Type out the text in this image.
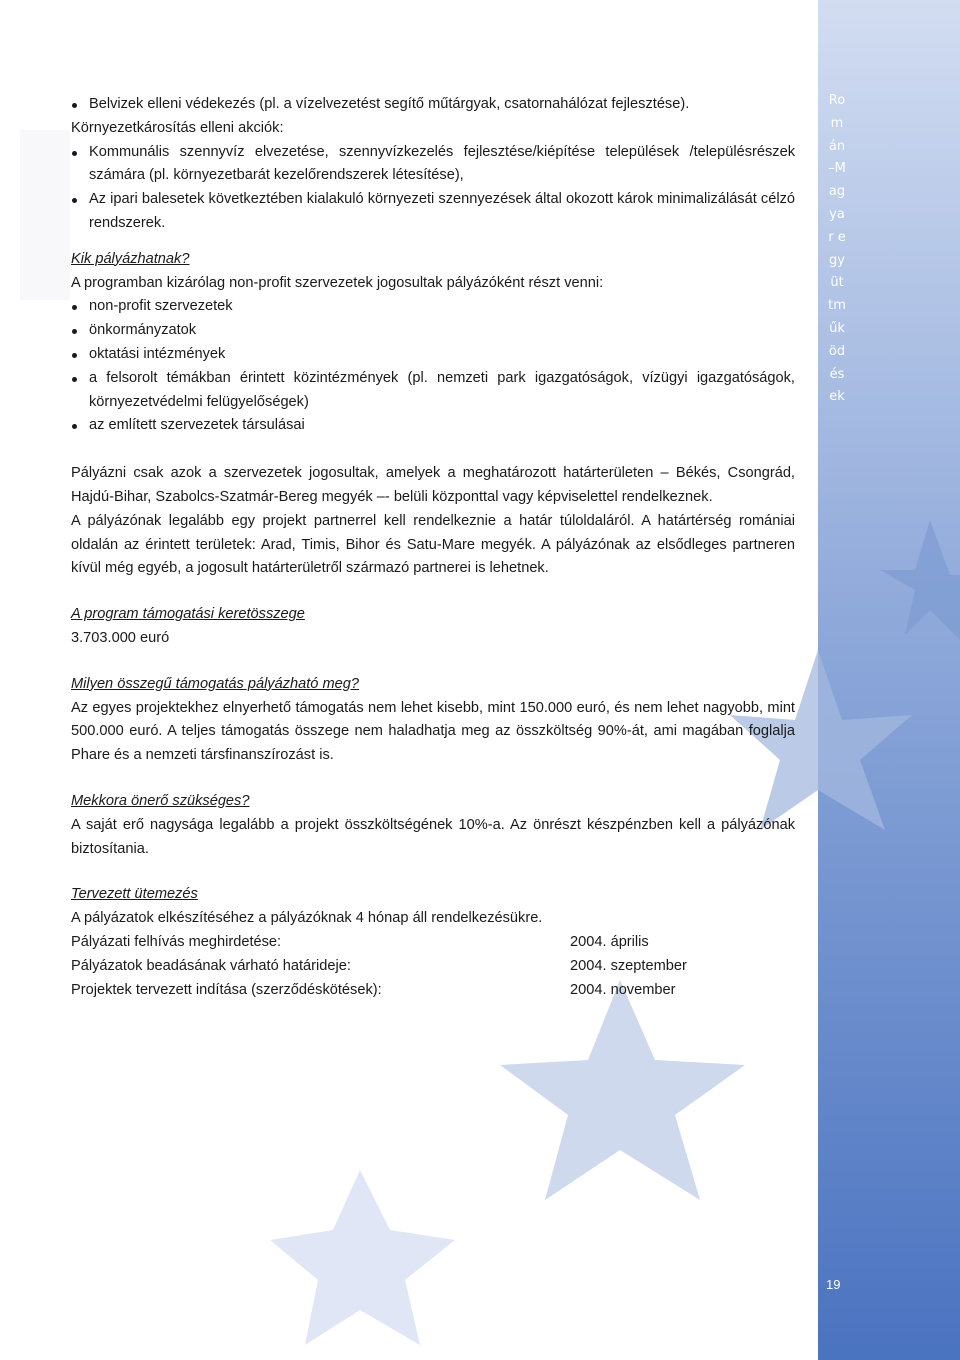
Román–Magyar együttműködések
19
Belvizek elleni védekezés (pl. a vízelvezetést segítő műtárgyak, csatornahálózat fejlesztése).

Környezetkárosítás elleni akciók:

Kommunális szennyvíz elvezetése, szennyvízkezelés fejlesztése/kiépítése települések /településrészek számára (pl. környezetbarát kezelőrendszerek létesítése),
Az ipari balesetek következtében kialakuló környezeti szennyezések által okozott károk minimalizálását célzó rendszerek.

Kik pályázhatnak?

A programban kizárólag non-profit szervezetek jogosultak pályázóként részt venni:

non-profit szervezetek
önkormányzatok
oktatási intézmények
a felsorolt témákban érintett közintézmények (pl. nemzeti park igazgatóságok, vízügyi igazgatóságok, környezetvédelmi felügyelőségek)
az említett szervezetek társulásai

Pályázni csak azok a szervezetek jogosultak, amelyek a meghatározott határterületen – Békés, Csongrád, Hajdú-Bihar, Szabolcs-Szatmár-Bereg megyék –- belüli központtal vagy képviselettel rendelkeznek.

A pályázónak legalább egy projekt partnerrel kell rendelkeznie a határ túloldaláról. A határtérség romániai oldalán az érintett területek: Arad, Timis, Bihor és Satu-Mare megyék. A pályázónak az elsődleges partneren kívül még egyéb, a jogosult határterületről származó partnerei is lehetnek.

A program támogatási keretösszege

3.703.000 euró

Milyen összegű támogatás pályázható meg?

Az egyes projektekhez elnyerhető támogatás nem lehet kisebb, mint 150.000 euró, és nem lehet nagyobb, mint 500.000 euró. A teljes támogatás összege nem haladhatja meg az összköltség 90%-át, ami magában foglalja Phare és a nemzeti társfinanszírozást is.

Mekkora önerő szükséges?

A saját erő nagysága legalább a projekt összköltségének 10%-a. Az önrészt készpénzben kell a pályázónak biztosítania.

Tervezett ütemezés

A pályázatok elkészítéséhez a pályázóknak 4 hónap áll rendelkezésükre.

Pályázati felhívás meghirdetése:	2004. április
Pályázatok beadásának várható határideje:	2004. szeptember
Projektek tervezett indítása (szerződéskötések):	2004. november
